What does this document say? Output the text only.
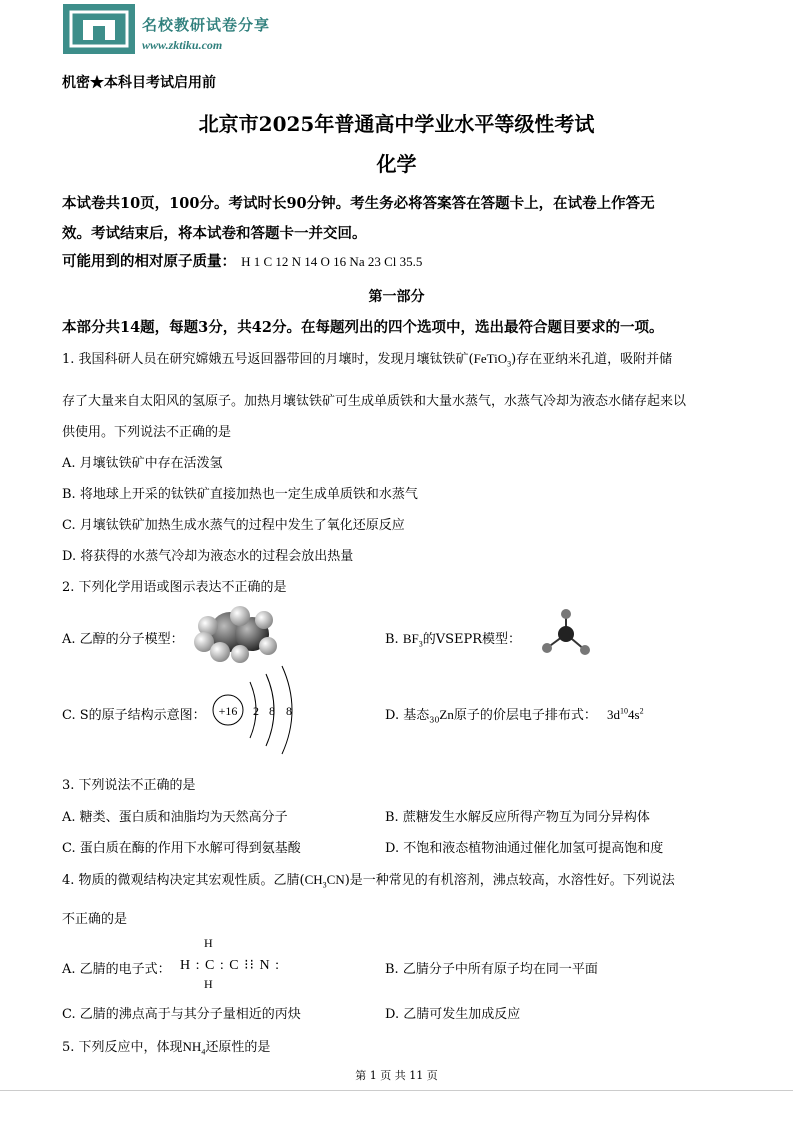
名校教研试卷分享
www.zktiku.com
机密★本科目考试启用前
北京市2025年普通高中学业水平等级性考试
化学
本试卷共10页，100分。考试时长90分钟。考生务必将答案答在答题卡上，在试卷上作答无
效。考试结束后，将本试卷和答题卡一并交回。
可能用到的相对原子质量： H 1 C 12 N 14 O 16 Na 23 Cl 35.5
第一部分
本部分共14题，每题3分，共42分。在每题列出的四个选项中，选出最符合题目要求的一项。
1. 我国科研人员在研究嫦娥五号返回器带回的月壤时，发现月壤钛铁矿(FeTiO$_3$)存在亚纳米孔道，吸附并储
存了大量来自太阳风的氢原子。加热月壤钛铁矿可生成单质铁和大量水蒸气，水蒸气冷却为液态水储存起来以
供使用。下列说法不正确的是
A. 月壤钛铁矿中存在活泼氢
B. 将地球上开采的钛铁矿直接加热也一定生成单质铁和水蒸气
C. 月壤钛铁矿加热生成水蒸气的过程中发生了氧化还原反应
D. 将获得的水蒸气冷却为液态水的过程会放出热量
2. 下列化学用语或图示表达不正确的是
A. 乙醇的分子模型：	B. $BF_3$的VSEPR模型：
C. S的原子结构示意图： +16 2 8 8	D. 基态$_{30}$Zn原子的价层电子排布式： $3d^{10}4s^2$
3. 下列说法不正确的是
A. 糖类、蛋白质和油脂均为天然高分子	B. 蔗糖发生水解反应所得产物互为同分异构体
C. 蛋白质在酶的作用下水解可得到氨基酸	D. 不饱和液态植物油通过催化加氢可提高饱和度
4. 物质的微观结构决定其宏观性质。乙腈$(CH_3CN)$是一种常见的有机溶剂，沸点较高，水溶性好。下列说法
不正确的是
A. 乙腈的电子式：
H
H : C : C ⁝⁝ N :
H
B. 乙腈分子中所有原子均在同一平面
C. 乙腈的沸点高于与其分子量相近的丙炔	D. 乙腈可发生加成反应
5. 下列反应中，体现$NH_4$还原性的是
第 1 页 共 11 页
